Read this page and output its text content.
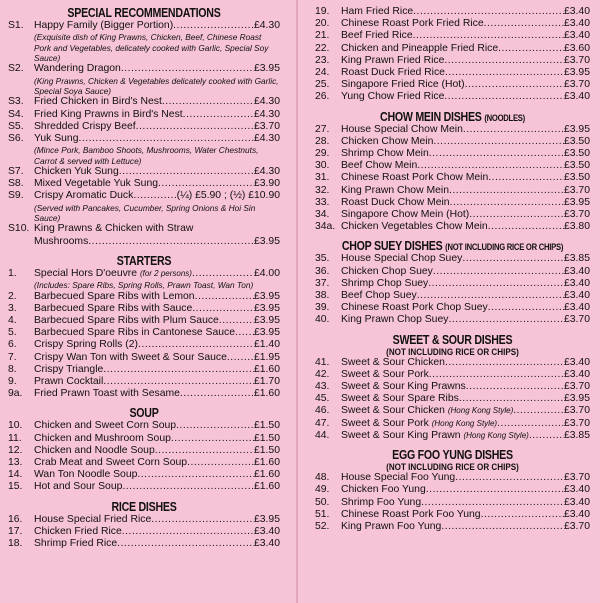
SPECIAL RECOMMENDATIONS
S1. Happy Family (Bigger Portion) .....	£4.30
(Exquisite dish of King Prawns, Chicken, Beef, Chinese Roast Pork and Vegetables, delicately cooked with Garlic, Special Soy Sauce)
S2. Wandering Dragon .....	£3.95
(King Prawns, Chicken & Vegetables delicately cooked with Garlic, Special Soya Sauce)
S3. Fried Chicken in Bird's Nest .....	£4.30
S4. Fried King Prawns in Bird's Nest .....	£4.30
S5. Shredded Crispy Beef .....	£3.70
S6. Yuk Sung .....	£4.30
(Mince Pork, Bamboo Shoots, Mushrooms, Water Chestnuts, Carrot & served with Lettuce)
S7. Chicken Yuk Sung .....	£4.30
S8. Mixed Vegetable Yuk Sung .....	£3.90
S9. Crispy Aromatic Duck .....	(¼) £5.90 ; (½) £10.90
(Served with Pancakes, Cucumber, Spring Onions & Hoi Sin Sauce)
S10. King Prawns & Chicken with Straw
Mushrooms .....	£3.95
STARTERS
1.	Special Hors D'oeuvre
(for 2 persons) .....	£4.00
(Includes: Spare Ribs, Spring Rolls, Prawn Toast, Wan Ton)
2.	Barbecued Spare Ribs with Lemon .....	£3.95
3.	Barbecued Spare Ribs with Sauce .....	£3.95
4.	Barbecued Spare Ribs with Plum Sauce .....	£3.95
5.	Barbecued Spare Ribs in Cantonese Sauce ..... £3.95
6.	Crispy Spring Rolls (2) .....	£1.40
7.	Crispy Wan Ton with Sweet & Sour Sauce .....	£1.95
8.	Crispy Triangle .....	£1.60
9.	Prawn Cocktail .....	£1.70
9a.	Fried Prawn Toast with Sesame .....	£1.60
SOUP
10.	Chicken and Sweet Corn Soup .....	£1.50
11.	Chicken and Mushroom Soup .....	£1.50
12.	Chicken and Noodle Soup .....	£1.50
13.	Crab Meat and Sweet Corn Soup .....	£1.60
14.	Wan Ton Noodle Soup .....	£1.60
15.	Hot and Sour Soup .....	£1.60
RICE DISHES
16.	House Special Fried Rice .....	£3.95
17.	Chicken Fried Rice .....	£3.40
18.	Shrimp Fried Rice .....	£3.40
19.	Ham Fried Rice .....	£3.40
20.	Chinese Roast Pork Fried Rice .....	£3.40
21.	Beef Fried Rice .....	£3.40
22.	Chicken and Pineapple Fried Rice .....	£3.60
23.	King Prawn Fried Rice .....	£3.70
24.	Roast Duck Fried Rice .....	£3.95
25.	Singapore Fried Rice (Hot) .....	£3.70
26.	Yung Chow Fried Rice .....	£3.40
CHOW MEIN DISHES (NOODLES)
27.	House Special Chow Mein .....	£3.95
28.	Chicken Chow Mein .....	£3.50
29.	Shrimp Chow Mein .....	£3.50
30.	Beef Chow Mein .....	£3.50
31.	Chinese Roast Pork Chow Mein .....	£3.50
32.	King Prawn Chow Mein .....	£3.70
33.	Roast Duck Chow Mein .....	£3.95
34.	Singapore Chow Mein (Hot) .....	£3.70
34a. Chicken Vegetables Chow Mein .....	£3.80
CHOP SUEY DISHES (NOT INCLUDING RICE OR CHIPS)
35.	House Special Chop Suey .....	£3.85
36.	Chicken Chop Suey .....	£3.40
37.	Shrimp Chop Suey .....	£3.40
38.	Beef Chop Suey .....	£3.40
39.	Chinese Roast Pork Chop Suey .....	£3.40
40.	King Prawn Chop Suey .....	£3.70
SWEET & SOUR DISHES
(NOT INCLUDING RICE OR CHIPS)
41.	Sweet & Sour Chicken .....	£3.40
42.	Sweet & Sour Pork .....	£3.40
43.	Sweet & Sour King Prawns .....	£3.70
45.	Sweet & Sour Spare Ribs .....	£3.95
46.	Sweet & Sour Chicken
(Hong Kong Style) .....	£3.70
47.	Sweet & Sour Pork
(Hong Kong Style) .....	£3.70
44.	Sweet & Sour King Prawn
(Hong Kong Style) .....	£3.85
EGG FOO YUNG DISHES
(NOT INCLUDING RICE OR CHIPS)
48.	House Special Foo Yung .....	£3.70
49.	Chicken Foo Yung .....	£3.40
50.	Shrimp Foo Yung .....	£3.40
51.	Chinese Roast Pork Foo Yung .....	£3.40
52.	King Prawn Foo Yung .....	£3.70
